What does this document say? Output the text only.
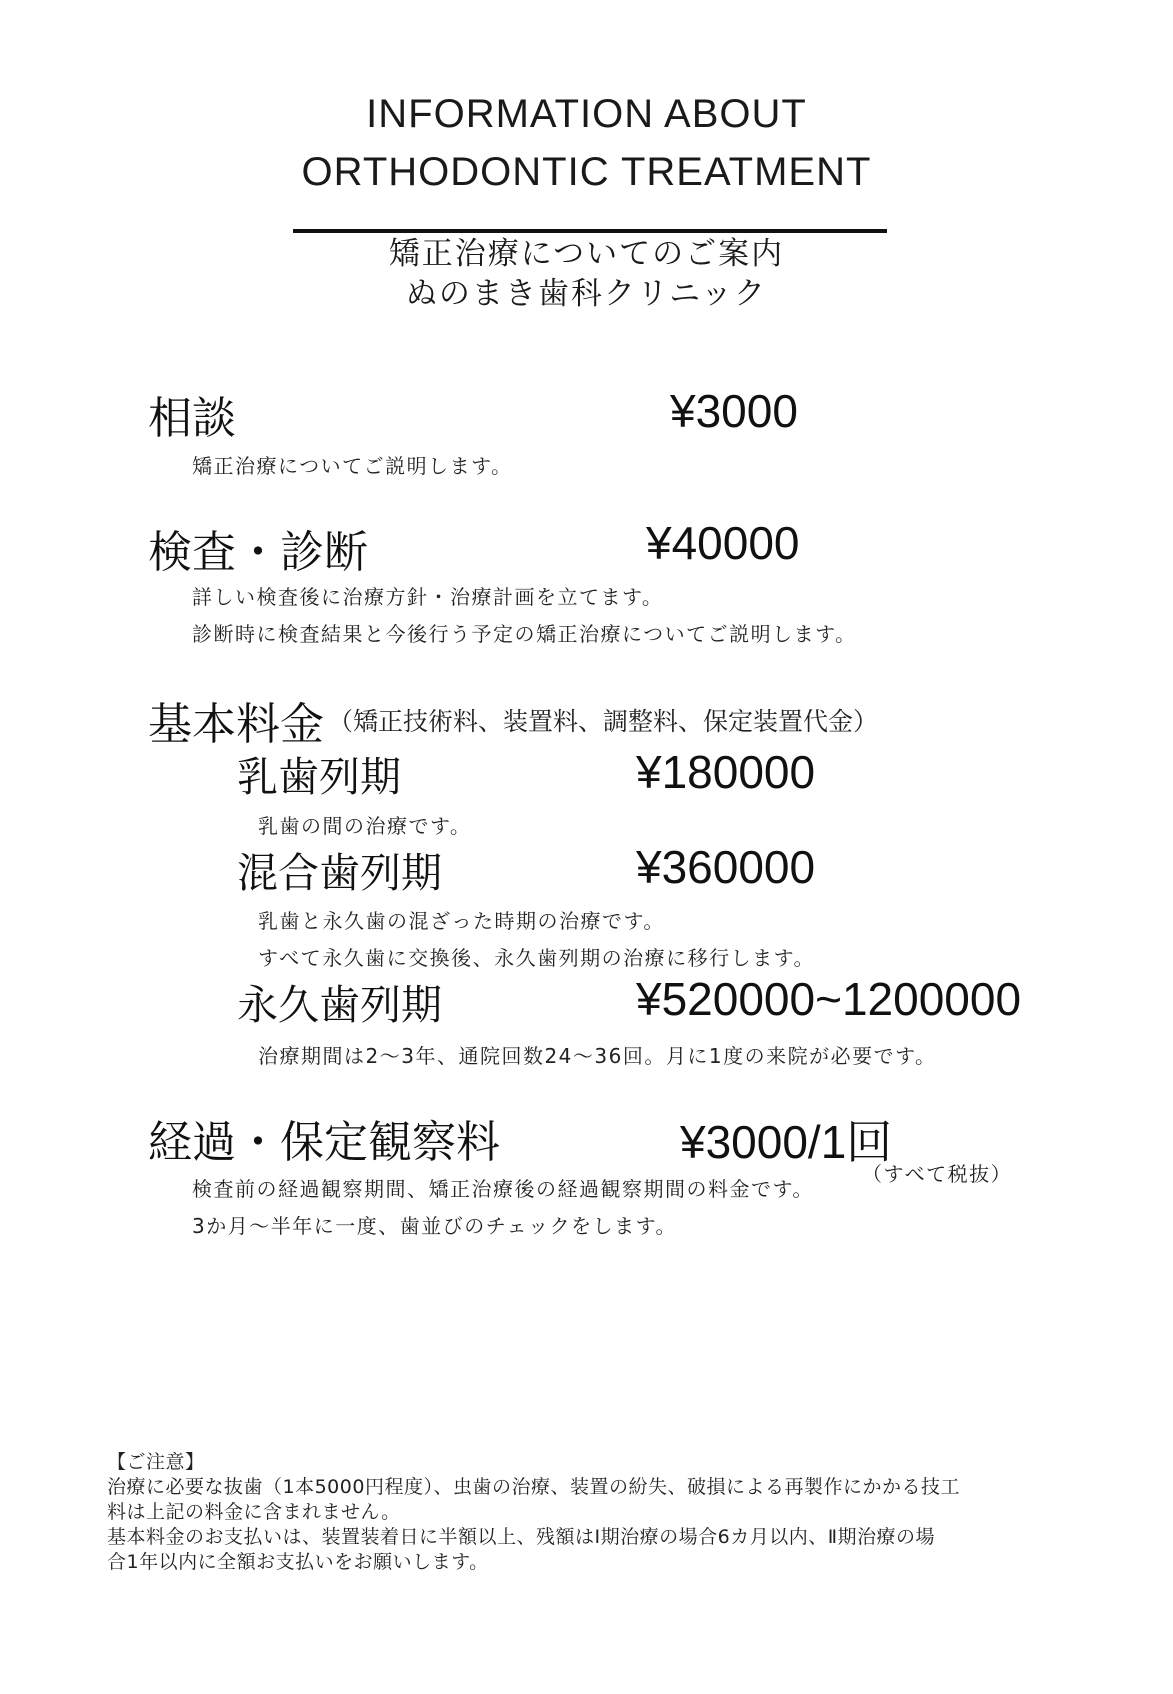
INFORMATION ABOUT
ORTHODONTIC TREATMENT
矯正治療についてのご案内
ぬのまき歯科クリニック
相談	¥3000
矯正治療についてご説明します。
検査・診断	¥40000
詳しい検査後に治療方針・治療計画を立てます。
診断時に検査結果と今後行う予定の矯正治療についてご説明します。
基本料金 （矯正技術料、装置料、調整料、保定装置代金）
乳歯列期	¥180000
乳歯の間の治療です。
混合歯列期	¥360000
乳歯と永久歯の混ざった時期の治療です。
すべて永久歯に交換後、永久歯列期の治療に移行します。
永久歯列期	¥520000~1200000
治療期間は2〜3年、通院回数24〜36回。月に1度の来院が必要です。
経過・保定観察料	¥3000/1回
（すべて税抜）
検査前の経過観察期間、矯正治療後の経過観察期間の料金です。
3か月〜半年に一度、歯並びのチェックをします。
【ご注意】
治療に必要な抜歯（1本5000円程度）、虫歯の治療、装置の紛失、破損による再製作にかかる技工
料は上記の料金に含まれません。
基本料金のお支払いは、装置装着日に半額以上、残額はⅠ期治療の場合6カ月以内、Ⅱ期治療の場
合1年以内に全額お支払いをお願いします。
